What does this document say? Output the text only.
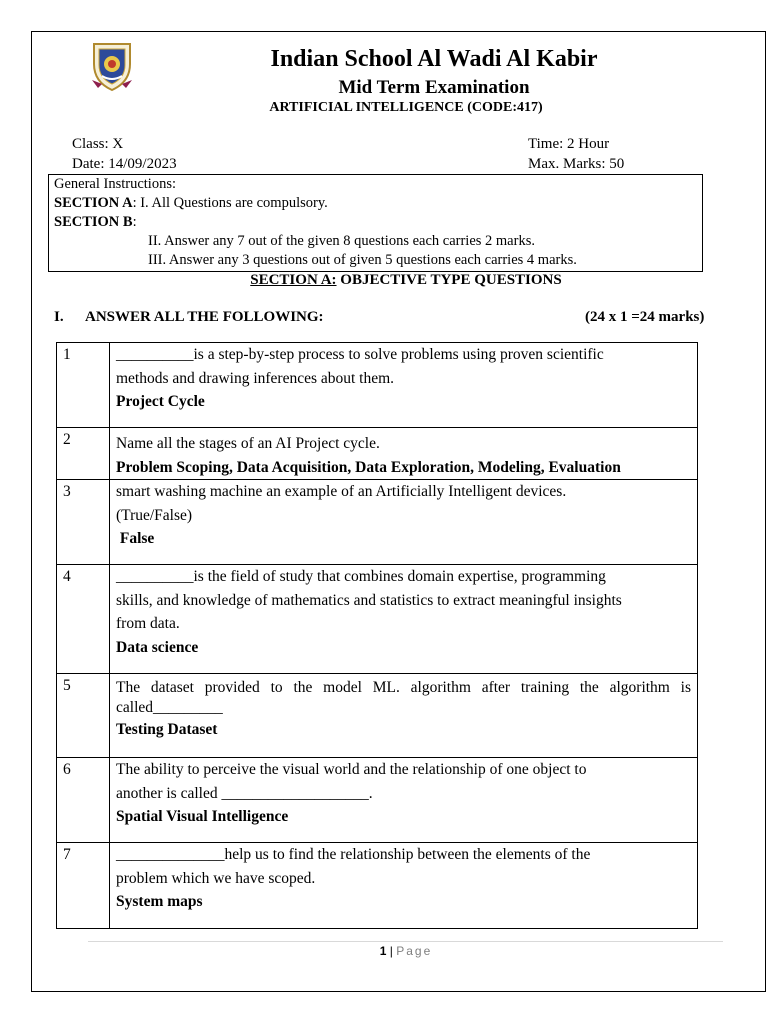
Indian School Al Wadi Al Kabir
Mid Term Examination
ARTIFICIAL INTELLIGENCE (CODE:417)
Class: X
Date: 14/09/2023
Time: 2 Hour
Max. Marks: 50
General Instructions:
SECTION A: I. All Questions are compulsory.
SECTION B:
II. Answer any 7 out of the given 8 questions each carries 2 marks.
III. Answer any 3 questions out of given 5 questions each carries 4 marks.
SECTION A: OBJECTIVE TYPE QUESTIONS
I. ANSWER ALL THE FOLLOWING:	(24 x 1 =24 marks)
1	__________is a step-by-step process to solve problems using proven scientific
methods and drawing inferences about them.
Project Cycle

2	Name all the stages of an AI Project cycle.
Problem Scoping, Data Acquisition, Data Exploration, Modeling, Evaluation

3	smart washing machine an example of an Artificially Intelligent devices.
(True/False)
False

4	__________is the field of study that combines domain expertise, programming
skills, and knowledge of mathematics and statistics to extract meaningful insights
from data.
Data science

5	The dataset provided to the model ML. algorithm after training the algorithm is
called_________
Testing Dataset

6	The ability to perceive the visual world and the relationship of one object to
another is called ___________________.
Spatial Visual Intelligence

7	______________help us to find the relationship between the elements of the
problem which we have scoped.
System maps
1 | Page
